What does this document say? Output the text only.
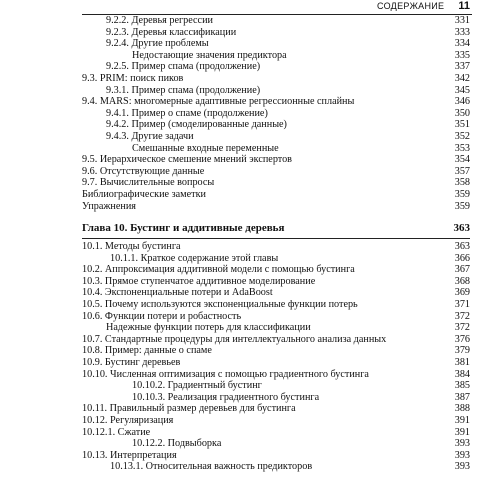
СОДЕРЖАНИЕ 11
9.2.2. Деревья регрессии	331
9.2.3. Деревья классификации	333
9.2.4. Другие проблемы	334
Недостающие значения предиктора	335
9.2.5. Пример спама (продолжение)	337
9.3. PRIM: поиск пиков	342
9.3.1. Пример спама (продолжение)	345
9.4. MARS: многомерные адаптивные регрессионные сплайны	346
9.4.1. Пример о спаме (продолжение)	350
9.4.2. Пример (смоделированные данные)	351
9.4.3. Другие задачи	352
Смешанные входные переменные	353
9.5. Иерархическое смешение мнений экспертов	354
9.6. Отсутствующие данные	357
9.7. Вычислительные вопросы	358
Библиографические заметки	359
Упражнения	359
Глава 10. Бустинг и аддитивные деревья	363
10.1. Методы бустинга	363
10.1.1. Краткое содержание этой главы	366
10.2. Аппроксимация аддитивной модели с помощью бустинга	367
10.3. Прямое ступенчатое аддитивное моделирование	368
10.4. Экспоненциальные потери и AdaBoost	369
10.5. Почему используются экспоненциальные функции потерь	371
10.6. Функции потери и робастность	372
Надежные функции потерь для классификации	372
10.7. Стандартные процедуры для интеллектуального анализа данных	376
10.8. Пример: данные о спаме	379
10.9. Бустинг деревьев	381
10.10. Численная оптимизация с помощью градиентного бустинга	384
10.10.2. Градиентный бустинг	385
10.10.3. Реализация градиентного бустинга	387
10.11. Правильный размер деревьев для бустинга	388
10.12. Регуляризация	391
10.12.1. Сжатие	391
10.12.2. Подвыборка	393
10.13. Интерпретация	393
10.13.1. Относительная важность предикторов	393
